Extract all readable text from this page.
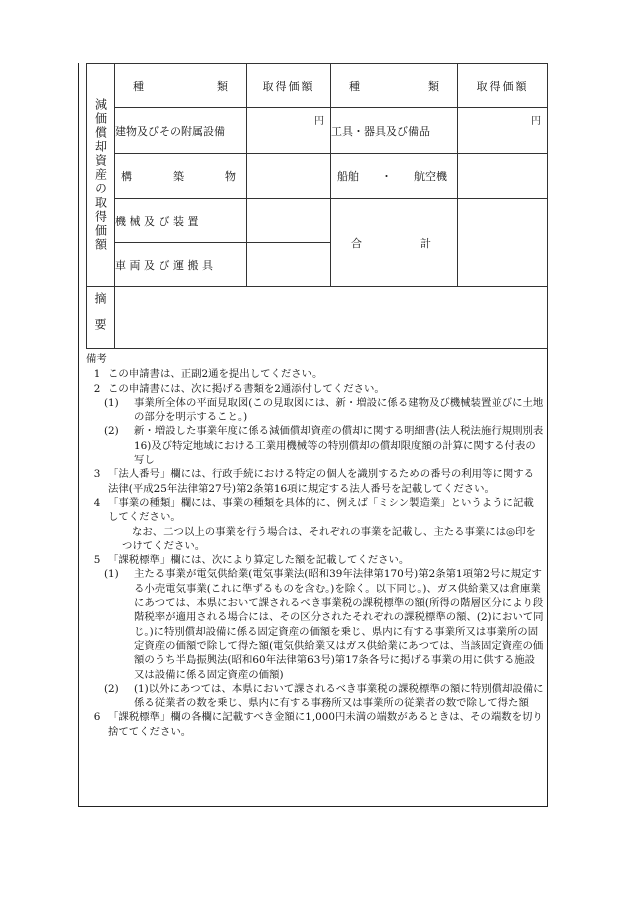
減価償却資産の取得価額	種 類	取得価額	種 類	取得価額
	建物及びその附属設備	円	工具・器具及び備品	円

	構 築 物		船舶 ・ 航空機	

	機 械 及 び 装 置		合 計	

	車 両 及 び 運 搬 具			

摘要				

備考
1 この申請書は、正副2通を提出してください。
2 この申請書には、次に掲げる書類を2通添付してください。
(1)	事業所全体の平面見取図(この見取図には、新・増設に係る建物及び機械装置並びに土地の部分を明示すること。)
(2)	新・増設した事業年度に係る減価償却資産の償却に関する明細書(法人税法施行規則別表16)及び特定地域における工業用機械等の特別償却の償却限度額の計算に関する付表の写し
3 「法人番号」欄には、行政手続における特定の個人を識別するための番号の利用等に関する法律(平成25年法律第27号)第2条第16項に規定する法人番号を記載してください。
4 「事業の種類」欄には、事業の種類を具体的に、例えば「ミシン製造業」というように記載してください。
なお、二つ以上の事業を行う場合は、それぞれの事業を記載し、主たる事業には◎印をつけてください。
5 「課税標準」欄には、次により算定した額を記載してください。
(1)	主たる事業が電気供給業(電気事業法(昭和39年法律第170号)第2条第1項第2号に規定する小売電気事業(これに準ずるものを含む。)を除く。以下同じ。)、ガス供給業又は倉庫業にあつては、本県において課されるべき事業税の課税標準の額(所得の階層区分により段階税率が適用される場合には、その区分されたそれぞれの課税標準の額、(2)において同じ。)に特別償却設備に係る固定資産の価額を乗じ、県内に有する事業所又は事業所の固定資産の価額で除して得た額(電気供給業又はガス供給業にあつては、当該固定資産の価額のうち半島振興法(昭和60年法律第63号)第17条各号に掲げる事業の用に供する施設又は設備に係る固定資産の価額)
(2)	(1)以外にあつては、本県において課されるべき事業税の課税標準の額に特別償却設備に係る従業者の数を乗じ、県内に有する事務所又は事業所の従業者の数で除して得た額
6 「課税標準」欄の各欄に記載すべき金額に1,000円未満の端数があるときは、その端数を切り捨ててください。
